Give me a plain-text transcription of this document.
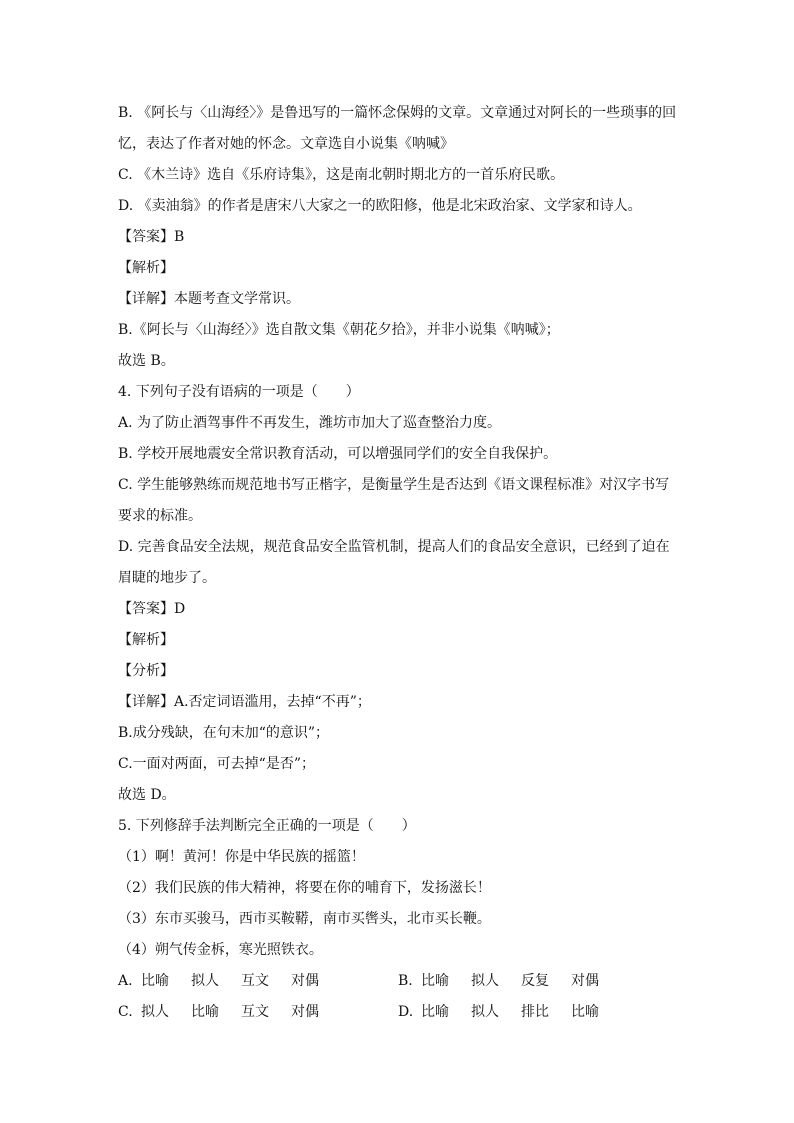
B. 《阿长与〈山海经〉》是鲁迅写的一篇怀念保姆的文章。文章通过对阿长的一些琐事的回
忆，表达了作者对她的怀念。文章选自小说集《呐喊》
C. 《木兰诗》选自《乐府诗集》，这是南北朝时期北方的一首乐府民歌。
D. 《卖油翁》的作者是唐宋八大家之一的欧阳修，他是北宋政治家、文学家和诗人。
【答案】B
【解析】
【详解】本题考查文学常识。
B.《阿长与〈山海经〉》选自散文集《朝花夕拾》，并非小说集《呐喊》；
故选 B。
4. 下列句子没有语病的一项是（　　）
A. 为了防止酒驾事件不再发生，潍坊市加大了巡查整治力度。
B. 学校开展地震安全常识教育活动，可以增强同学们的安全自我保护。
C. 学生能够熟练而规范地书写正楷字，是衡量学生是否达到《语文课程标准》对汉字书写
要求的标准。
D. 完善食品安全法规，规范食品安全监管机制，提高人们的食品安全意识，已经到了迫在
眉睫的地步了。
【答案】D
【解析】
【分析】
【详解】A.否定词语滥用，去掉“不再”；
B.成分残缺，在句末加“的意识”；
C.一面对两面，可去掉“是否”；
故选 D。
5. 下列修辞手法判断完全正确的一项是（　　）
（1）啊！黄河！你是中华民族的摇篮！
（2）我们民族的伟大精神，将要在你的哺育下，发扬滋长！
（3）东市买骏马，西市买鞍鞯，南市买辔头，北市买长鞭。
（4）朔气传金柝，寒光照铁衣。
A. 比喻 拟人 互文 对偶	B. 比喻 拟人 反复 对偶
C. 拟人 比喻 互文 对偶	D. 比喻 拟人 排比 比喻
